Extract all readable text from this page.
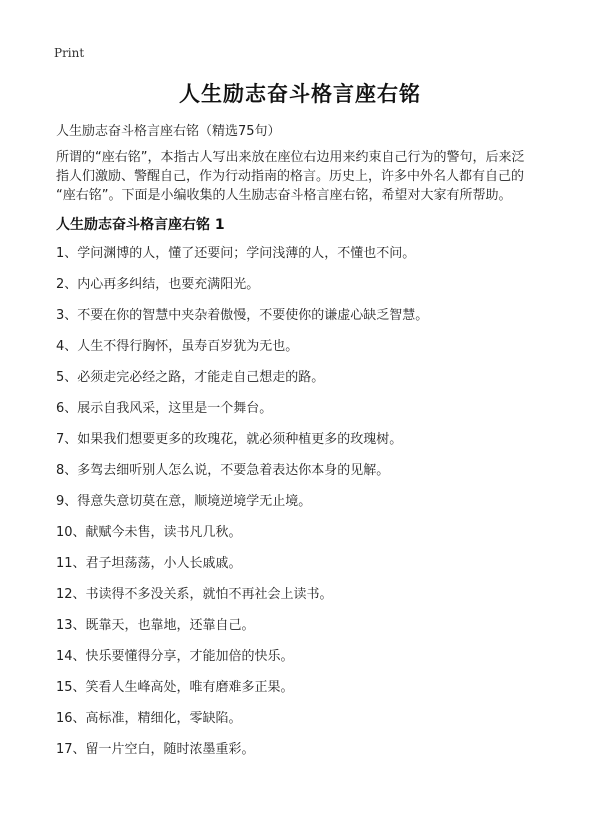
Print
人生励志奋斗格言座右铭
人生励志奋斗格言座右铭（精选75句）

所谓的“座右铭”，本指古人写出来放在座位右边用来约束自己行为的警句，后来泛

指人们激励、警醒自己，作为行动指南的格言。历史上，许多中外名人都有自己的

“座右铭”。下面是小编收集的人生励志奋斗格言座右铭，希望对大家有所帮助。

人生励志奋斗格言座右铭 1
1、学问渊博的人，懂了还要问；学问浅薄的人，不懂也不问。
2、内心再多纠结，也要充满阳光。
3、不要在你的智慧中夹杂着傲慢，不要使你的谦虚心缺乏智慧。
4、人生不得行胸怀，虽寿百岁犹为无也。
5、必须走完必经之路，才能走自己想走的路。
6、展示自我风采，这里是一个舞台。
7、如果我们想要更多的玫瑰花，就必须种植更多的玫瑰树。
8、多驾去细听别人怎么说，不要急着表达你本身的见解。
9、得意失意切莫在意，顺境逆境学无止境。
10、献赋今未售，读书凡几秋。
11、君子坦荡荡，小人长戚戚。
12、书读得不多没关系，就怕不再社会上读书。
13、既靠天，也靠地，还靠自己。
14、快乐要懂得分享，才能加倍的快乐。
15、笑看人生峰高处，唯有磨难多正果。
16、高标准，精细化，零缺陷。
17、留一片空白，随时浓墨重彩。
